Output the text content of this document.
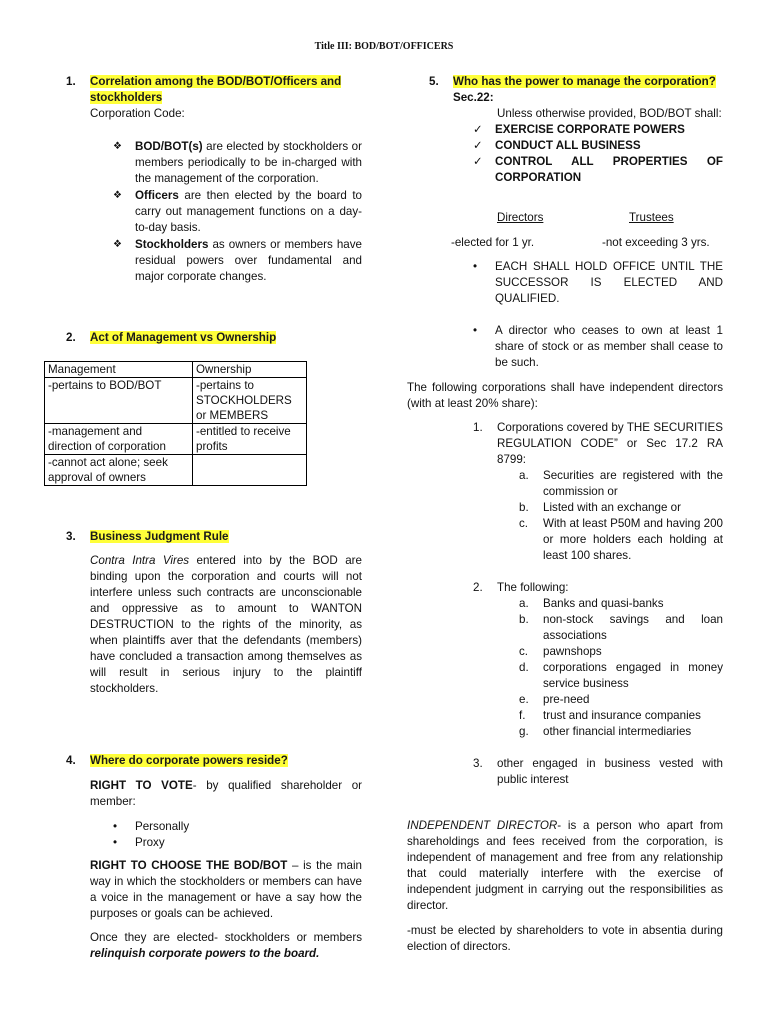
Title III: BOD/BOT/OFFICERS
1.	Correlation among the BOD/BOT/Officers and stockholders
Corporation Code:
❖	BOD/BOT(s) are elected by stockholders or members periodically to be in-charged with the management of the corporation.
❖	Officers are then elected by the board to carry out management functions on a day-to-day basis.
❖	Stockholders as owners or members have residual powers over fundamental and major corporate changes.
2.	Act of Management vs Ownership
Management	Ownership
-pertains to BOD/BOT	-pertains to STOCKHOLDERS or MEMBERS
-management and direction of corporation	-entitled to receive profits
-cannot act alone; seek approval of owners	
3.	Business Judgment Rule
Contra Intra Vires entered into by the BOD are binding upon the corporation and courts will not interfere unless such contracts are unconscionable and oppressive as to amount to WANTON DESTRUCTION to the rights of the minority, as when plaintiffs aver that the defendants (members) have concluded a transaction among themselves as will result in serious injury to the plaintiff stockholders.
4.	Where do corporate powers reside?
RIGHT TO VOTE- by qualified shareholder or member:
•	Personally
•	Proxy
RIGHT TO CHOOSE THE BOD/BOT – is the main way in which the stockholders or members can have a voice in the management or have a say how the purposes or goals can be achieved.
Once they are elected- stockholders or members relinquish corporate powers to the board.
5.	Who has the power to manage the corporation?
Sec.22:
Unless otherwise provided, BOD/BOT shall:
✓	EXERCISE CORPORATE POWERS
✓	CONDUCT ALL BUSINESS
✓	CONTROL ALL PROPERTIES OF CORPORATION
Directors	Trustees
-elected for 1 yr.	-not exceeding 3 yrs.
•	EACH SHALL HOLD OFFICE UNTIL THE SUCCESSOR IS ELECTED AND QUALIFIED.
•	A director who ceases to own at least 1 share of stock or as member shall cease to be such.
The following corporations shall have independent directors (with at least 20% share):
1.	Corporations covered by THE SECURITIES REGULATION CODE” or Sec 17.2 RA 8799:
a.	Securities are registered with the commission or
b.	Listed with an exchange or
c.	With at least P50M and having 200 or more holders each holding at least 100 shares.
2.	The following:
a.	Banks and quasi-banks
b.	non-stock savings and loan associations
c.	pawnshops
d.	corporations engaged in money service business
e.	pre-need
f.	trust and insurance companies
g.	other financial intermediaries
3.	other engaged in business vested with public interest
INDEPENDENT DIRECTOR- is a person who apart from shareholdings and fees received from the corporation, is independent of management and free from any relationship that could materially interfere with the exercise of independent judgment in carrying out the responsibilities as director.
-must be elected by shareholders to vote in absentia during election of directors.
